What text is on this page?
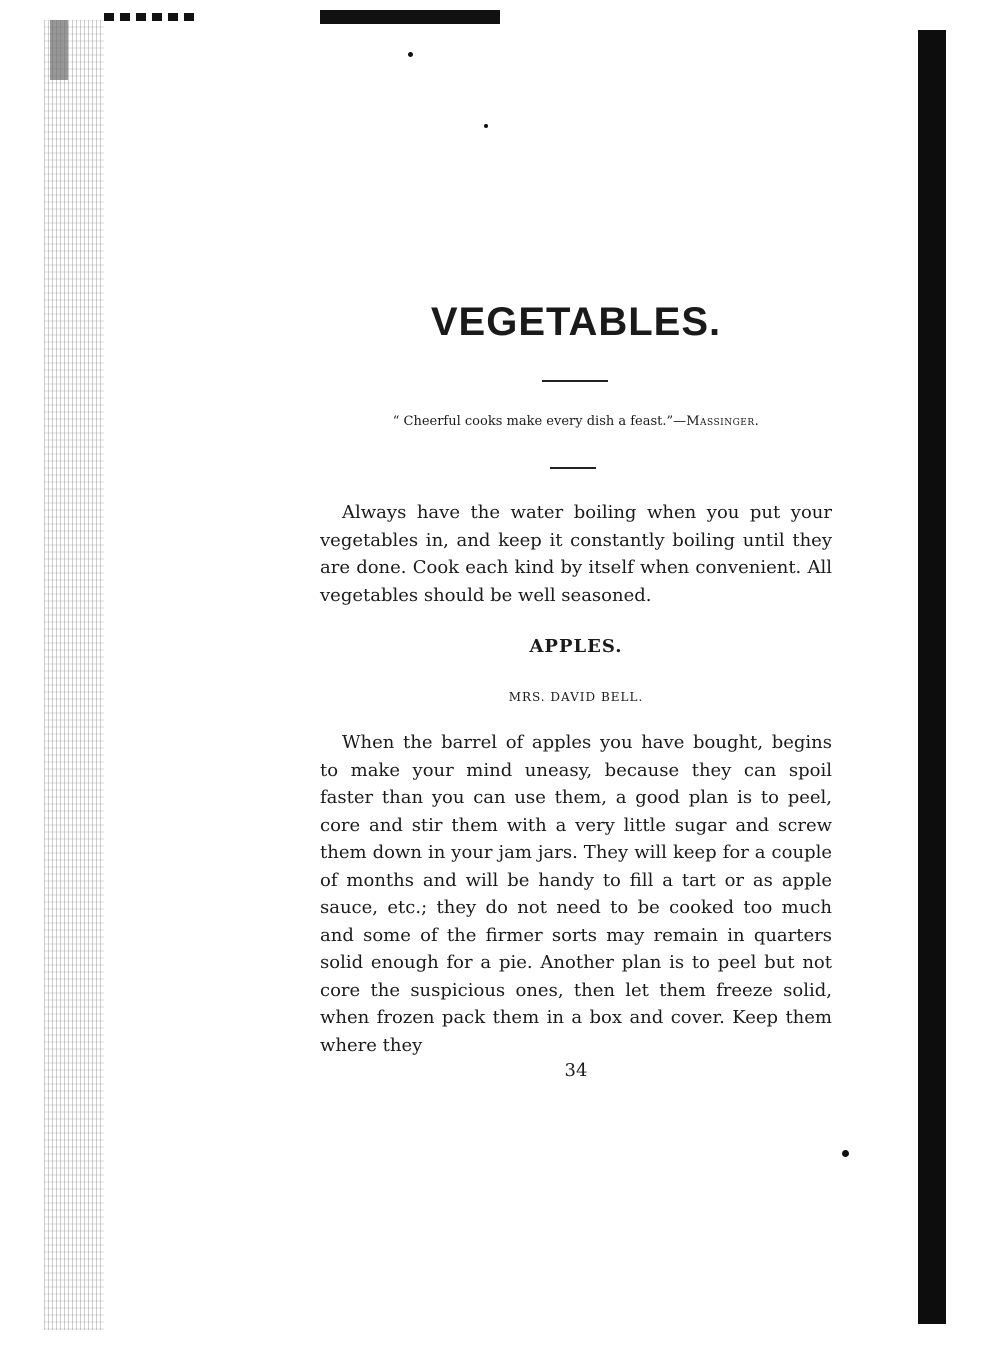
VEGETABLES.

“ Cheerful cooks make every dish a feast.”—Massinger.

Always have the water boiling when you put your vegetables in, and keep it constantly boiling until they are done. Cook each kind by itself when convenient. All vegetables should be well seasoned.

APPLES.

MRS. DAVID BELL.

When the barrel of apples you have bought, begins to make your mind uneasy, because they can spoil faster than you can use them, a good plan is to peel, core and stir them with a very little sugar and screw them down in your jam jars. They will keep for a couple of months and will be handy to fill a tart or as apple sauce, etc.; they do not need to be cooked too much and some of the firmer sorts may remain in quarters solid enough for a pie. Another plan is to peel but not core the suspicious ones, then let them freeze solid, when frozen pack them in a box and cover. Keep them where they

34
